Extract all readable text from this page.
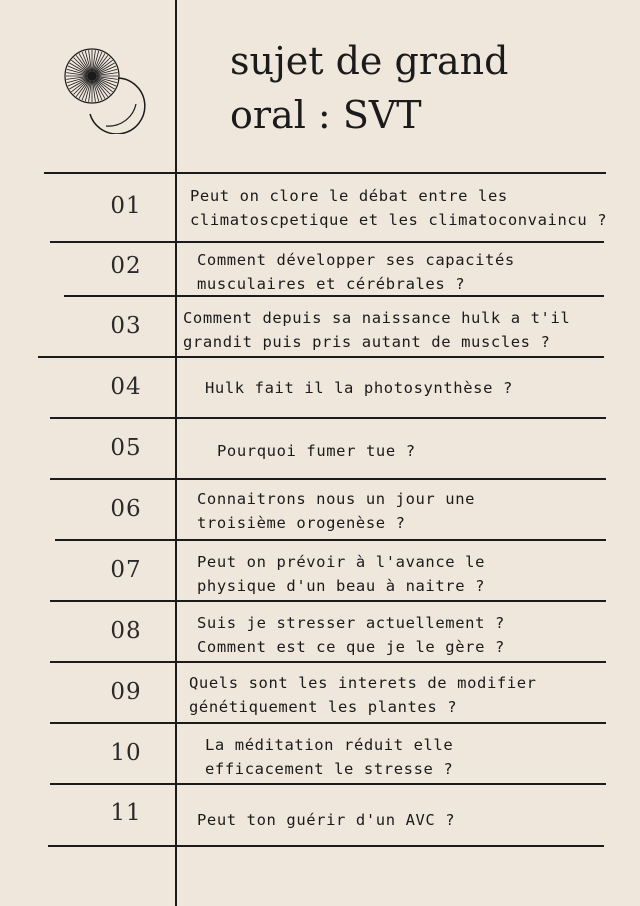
sujet de grand
oral : SVT
01	Peut on clore le débat entre les
climatoscpetique et les climatoconvaincu ?
02	Comment développer ses capacités
musculaires et cérébrales ?
03	Comment depuis sa naissance hulk a t'il
grandit puis pris autant de muscles ?
04	Hulk fait il la photosynthèse ?
05	Pourquoi fumer tue ?
06	Connaitrons nous un jour une
troisième orogenèse ?
07	Peut on prévoir à l'avance le
physique d'un beau à naitre ?
08	Suis je stresser actuellement ?
Comment est ce que je le gère ?
09	Quels sont les interets de modifier
génétiquement les plantes ?
10	La méditation réduit elle
efficacement le stresse ?
11	Peut ton guérir d'un AVC ?
